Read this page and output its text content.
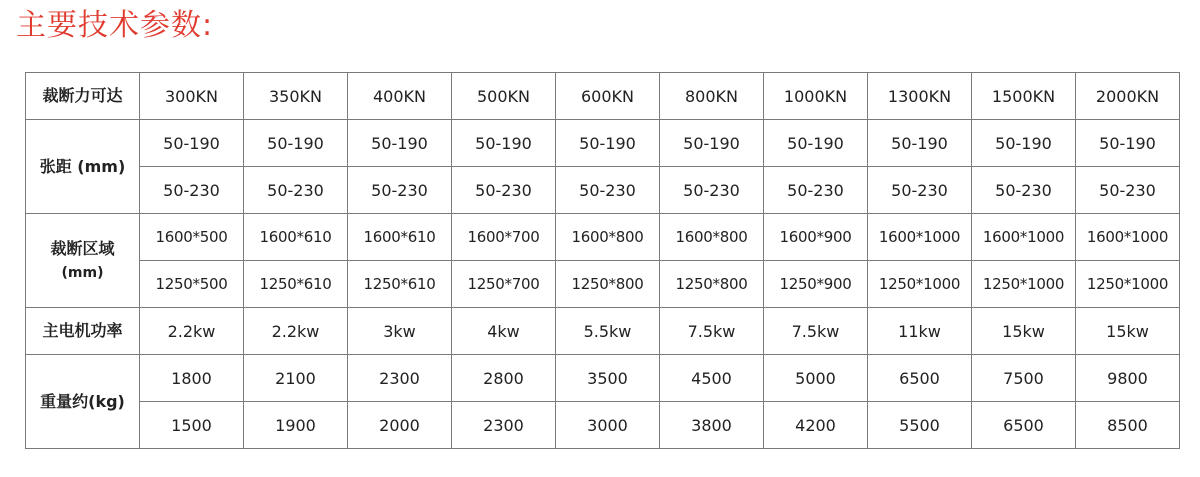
主要技术参数:
裁断力可达	300KN	350KN	400KN	500KN	600KN	800KN	1000KN	1300KN	1500KN	2000KN
张距 (mm)	50-190	50-190	50-190	50-190	50-190	50-190	50-190	50-190	50-190	50-190
	50-230	50-230	50-230	50-230	50-230	50-230	50-230	50-230	50-230	50-230
裁断区域
(mm)	1600*500	1600*610	1600*610	1600*700	1600*800	1600*800	1600*900	1600*1000	1600*1000	1600*1000
	1250*500	1250*610	1250*610	1250*700	1250*800	1250*800	1250*900	1250*1000	1250*1000	1250*1000
主电机功率	2.2kw	2.2kw	3kw	4kw	5.5kw	7.5kw	7.5kw	11kw	15kw	15kw
重量约(kg)	1800	2100	2300	2800	3500	4500	5000	6500	7500	9800
	1500	1900	2000	2300	3000	3800	4200	5500	6500	8500
